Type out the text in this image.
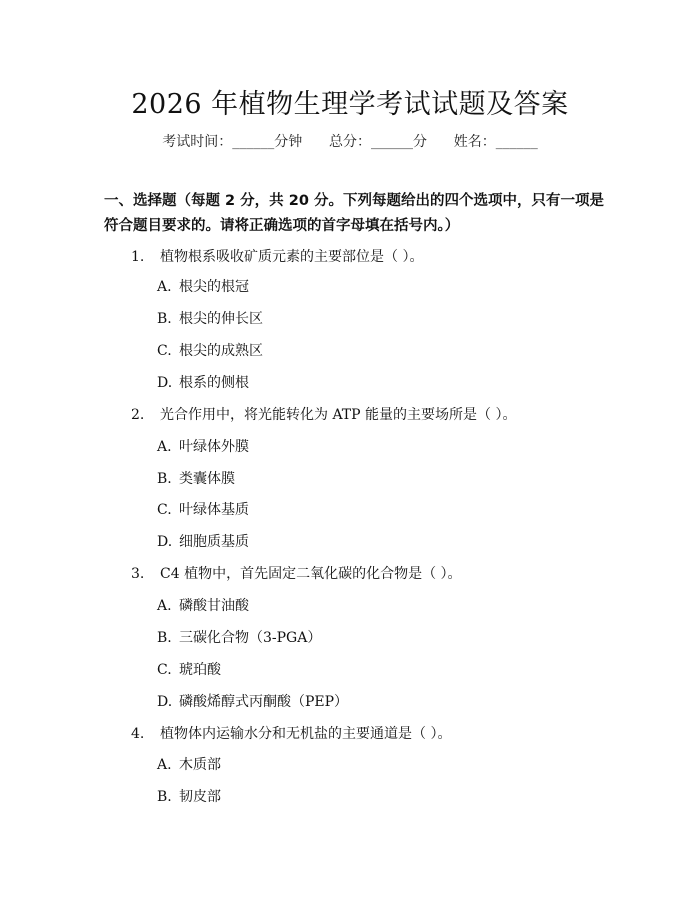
2026 年植物生理学考试试题及答案
考试时间：______分钟      总分：______分      姓名：______
一、选择题（每题 2 分，共 20 分。下列每题给出的四个选项中，只有一项是符合题目要求的。请将正确选项的首字母填在括号内。）
1. 植物根系吸收矿质元素的主要部位是（ ）。
A. 根尖的根冠
B. 根尖的伸长区
C. 根尖的成熟区
D. 根系的侧根
2. 光合作用中，将光能转化为 ATP 能量的主要场所是（ ）。
A. 叶绿体外膜
B. 类囊体膜
C. 叶绿体基质
D. 细胞质基质
3. C4 植物中，首先固定二氧化碳的化合物是（ ）。
A. 磷酸甘油酸
B. 三碳化合物（3-PGA）
C. 琥珀酸
D. 磷酸烯醇式丙酮酸（PEP）
4. 植物体内运输水分和无机盐的主要通道是（ ）。
A. 木质部
B. 韧皮部
